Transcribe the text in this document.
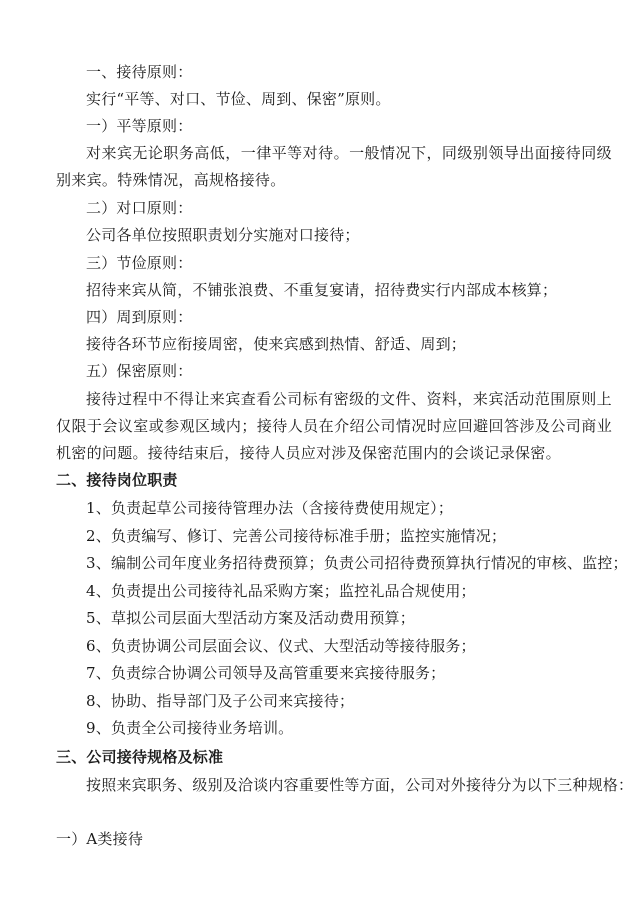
一、接待原则：
实行“平等、对口、节俭、周到、保密”原则。
一）平等原则：
对来宾无论职务高低，一律平等对待。一般情况下，同级别领导出面接待同级别来宾。特殊情况，高规格接待。
二）对口原则：
公司各单位按照职责划分实施对口接待；
三）节俭原则：
招待来宾从简，不铺张浪费、不重复宴请，招待费实行内部成本核算；
四）周到原则：
接待各环节应衔接周密，使来宾感到热情、舒适、周到；
五）保密原则：
接待过程中不得让来宾查看公司标有密级的文件、资料，来宾活动范围原则上仅限于会议室或参观区域内；接待人员在介绍公司情况时应回避回答涉及公司商业机密的问题。接待结束后，接待人员应对涉及保密范围内的会谈记录保密。
二、接待岗位职责
1、负责起草公司接待管理办法（含接待费使用规定）；
2、负责编写、修订、完善公司接待标准手册；监控实施情况；
3、编制公司年度业务招待费预算；负责公司招待费预算执行情况的审核、监控；
4、负责提出公司接待礼品采购方案；监控礼品合规使用；
5、草拟公司层面大型活动方案及活动费用预算；
6、负责协调公司层面会议、仪式、大型活动等接待服务；
7、负责综合协调公司领导及高管重要来宾接待服务；
8、协助、指导部门及子公司来宾接待；
9、负责全公司接待业务培训。
三、公司接待规格及标准
按照来宾职务、级别及洽谈内容重要性等方面，公司对外接待分为以下三种规格：
一）A类接待
